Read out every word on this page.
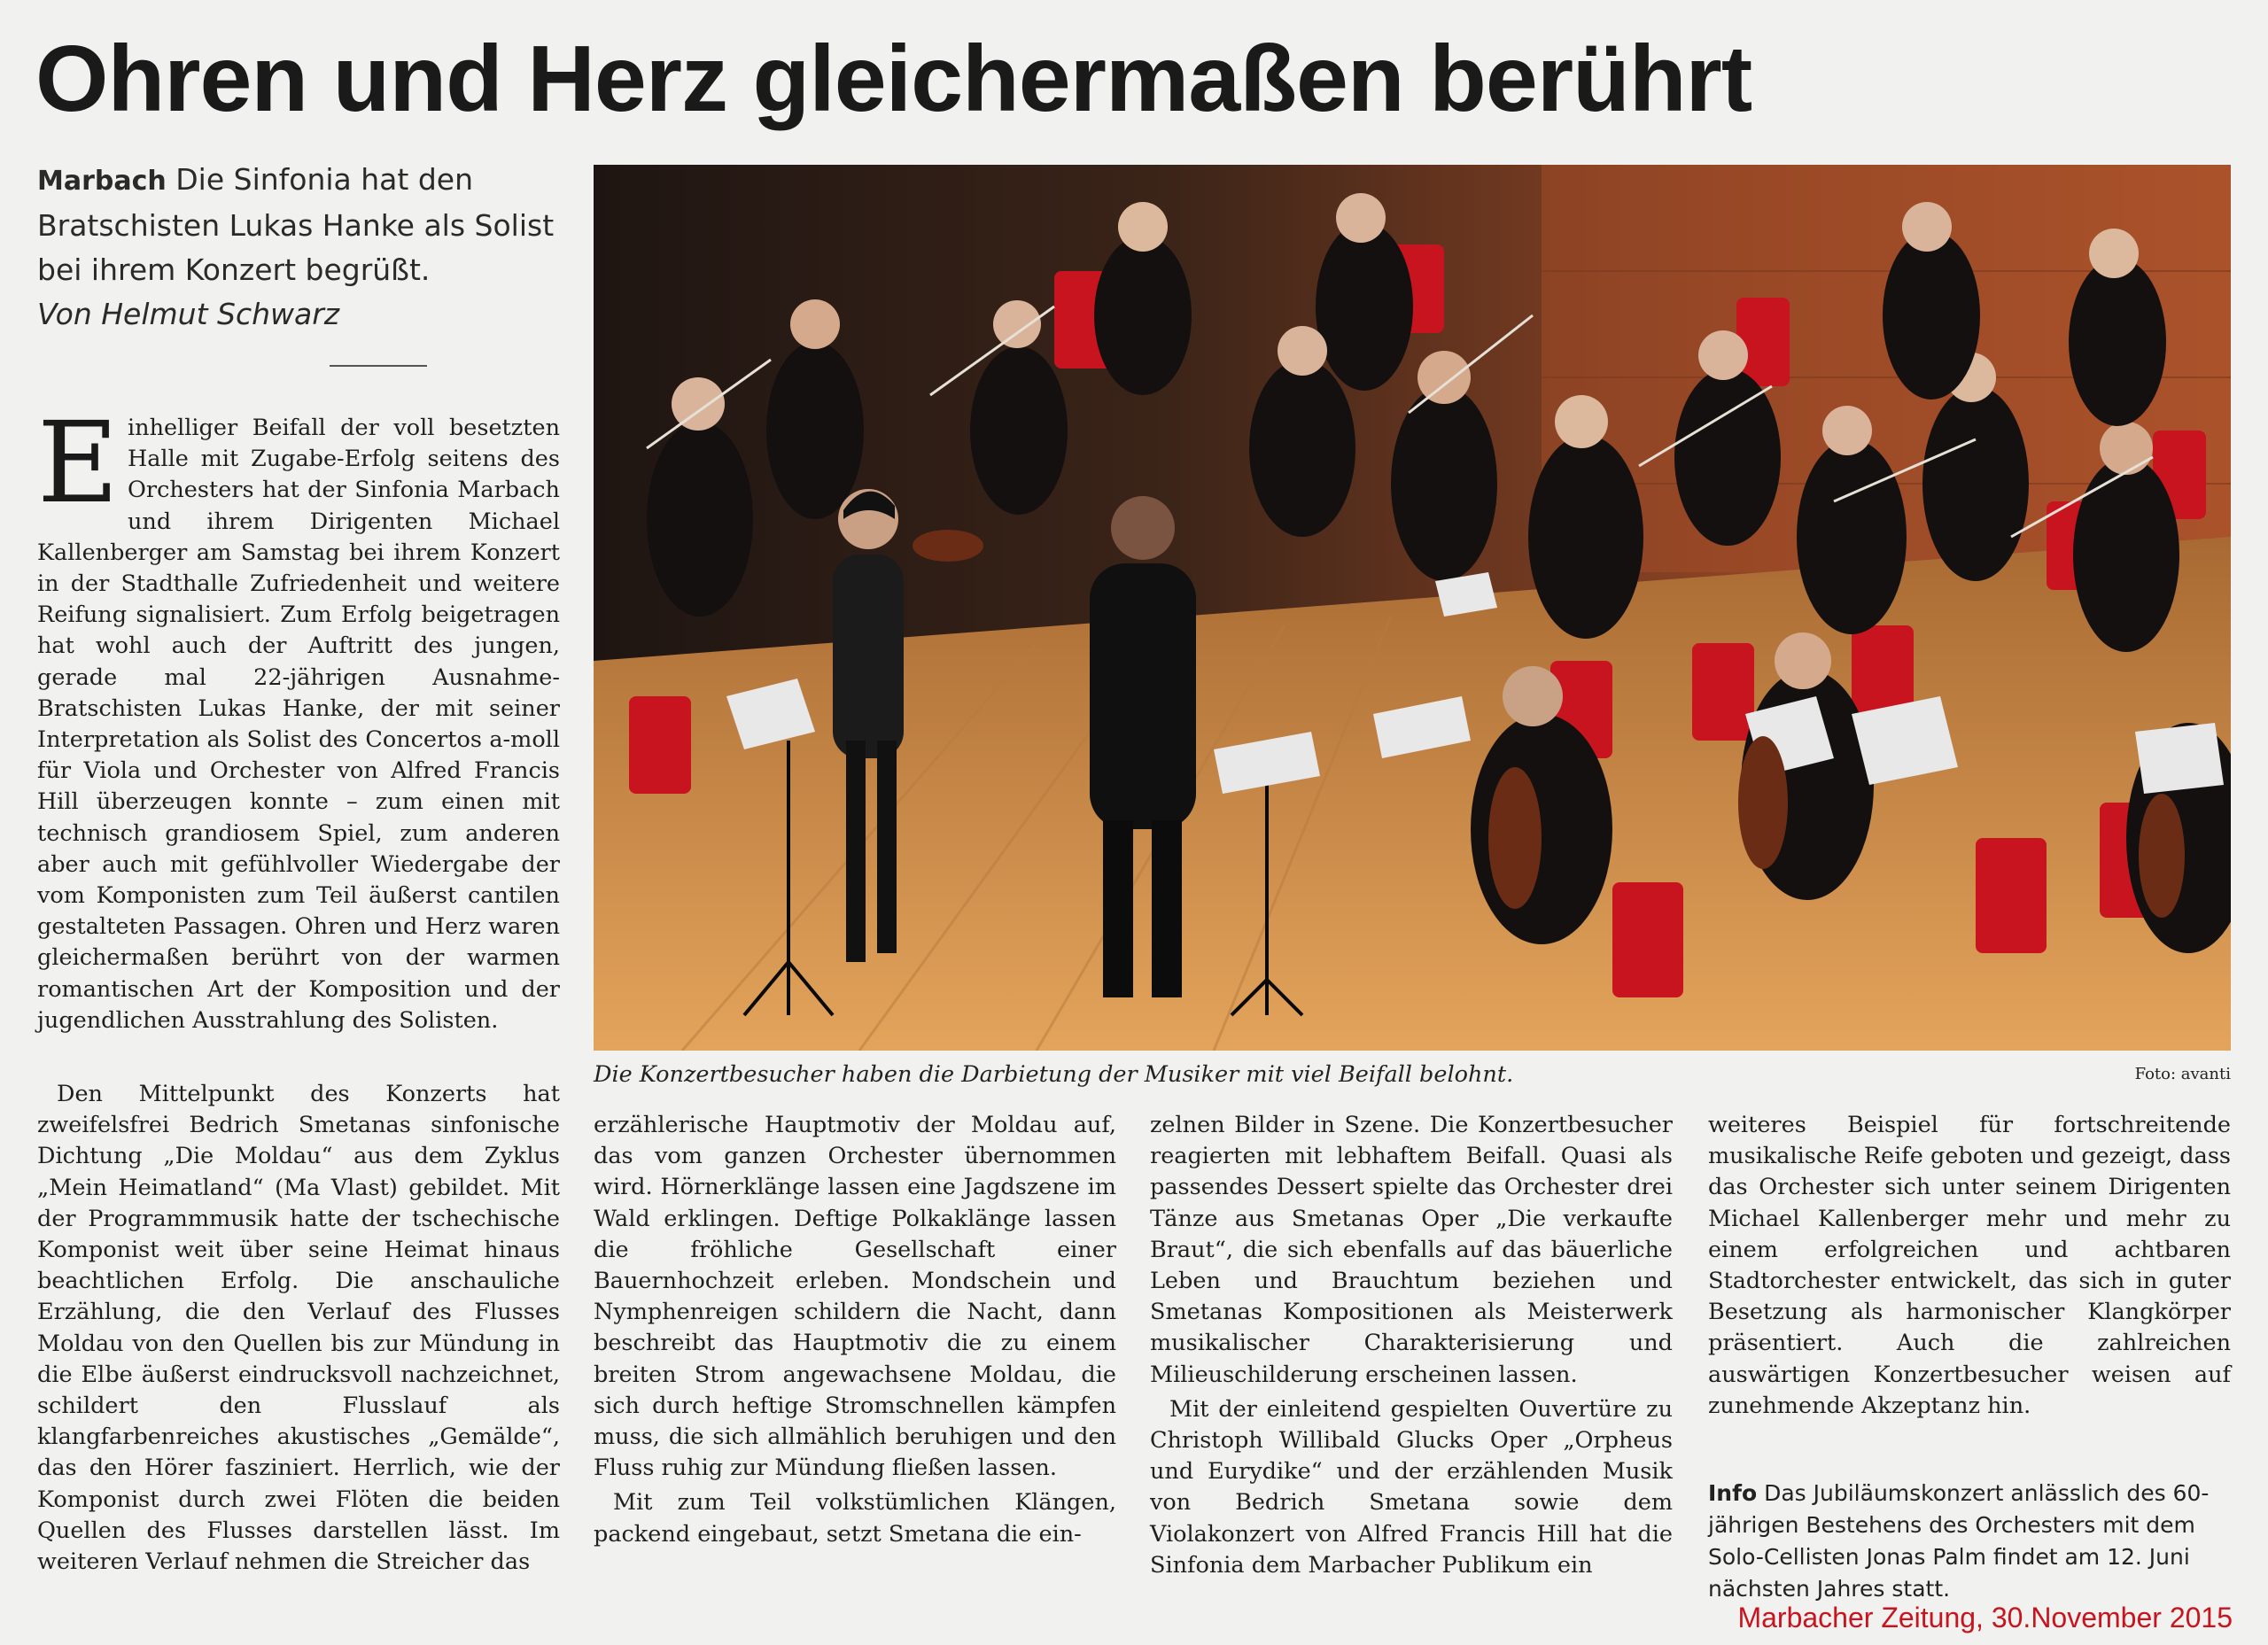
Ohren und Herz gleichermaßen berührt
Marbach Die Sinfonia hat den Bratschisten Lukas Hanke als Solist bei ihrem Konzert begrüßt.
Von Helmut Schwarz

Einhelliger Beifall der voll besetzten Halle mit Zugabe-Erfolg seitens des Orchesters hat der Sinfonia Marbach und ihrem Dirigenten Michael Kallenberger am Samstag bei ihrem Konzert in der Stadthalle Zufriedenheit und weitere Reifung signalisiert. Zum Erfolg beigetragen hat wohl auch der Auftritt des jungen, gerade mal 22-jährigen Ausnahme-Bratschisten Lukas Hanke, der mit seiner Interpretation als Solist des Concertos a-moll für Viola und Orchester von Alfred Francis Hill überzeugen konnte – zum einen mit technisch grandiosem Spiel, zum anderen aber auch mit gefühlvoller Wiedergabe der vom Komponisten zum Teil äußerst cantilen gestalteten Passagen. Ohren und Herz waren gleichermaßen berührt von der warmen romantischen Art der Komposition und der jugendlichen Ausstrahlung des Solisten.

Den Mittelpunkt des Konzerts hat zweifelsfrei Bedrich Smetanas sinfonische Dichtung „Die Moldau“ aus dem Zyklus „Mein Heimatland“ (Ma Vlast) gebildet. Mit der Programmmusik hatte der tschechische Komponist weit über seine Heimat hinaus beachtlichen Erfolg. Die anschauliche Erzählung, die den Verlauf des Flusses Moldau von den Quellen bis zur Mündung in die Elbe äußerst eindrucksvoll nachzeichnet, schildert den Flusslauf als klangfarbenreiches akustisches „Gemälde“, das den Hörer fasziniert. Herrlich, wie der Komponist durch zwei Flöten die beiden Quellen des Flusses darstellen lässt. Im weiteren Verlauf nehmen die Streicher das

erzählerische Hauptmotiv der Moldau auf, das vom ganzen Orchester übernommen wird. Hörnerklänge lassen eine Jagdszene im Wald erklingen. Deftige Polkaklänge lassen die fröhliche Gesellschaft einer Bauernhochzeit erleben. Mondschein und Nymphenreigen schildern die Nacht, dann beschreibt das Hauptmotiv die zu einem breiten Strom angewachsene Moldau, die sich durch heftige Stromschnellen kämpfen muss, die sich allmählich beruhigen und den Fluss ruhig zur Mündung fließen lassen.

Mit zum Teil volkstümlichen Klängen, packend eingebaut, setzt Smetana die ein-

zelnen Bilder in Szene. Die Konzertbesucher reagierten mit lebhaftem Beifall. Quasi als passendes Dessert spielte das Orchester drei Tänze aus Smetanas Oper „Die verkaufte Braut“, die sich ebenfalls auf das bäuerliche Leben und Brauchtum beziehen und Smetanas Kompositionen als Meisterwerk musikalischer Charakterisierung und Milieuschilderung erscheinen lassen.

Mit der einleitend gespielten Ouvertüre zu Christoph Willibald Glucks Oper „Orpheus und Eurydike“ und der erzählenden Musik von Bedrich Smetana sowie dem Violakonzert von Alfred Francis Hill hat die Sinfonia dem Marbacher Publikum ein

weiteres Beispiel für fortschreitende musikalische Reife geboten und gezeigt, dass das Orchester sich unter seinem Dirigenten Michael Kallenberger mehr und mehr zu einem erfolgreichen und achtbaren Stadtorchester entwickelt, das sich in guter Besetzung als harmonischer Klangkörper präsentiert. Auch die zahlreichen auswärtigen Konzertbesucher weisen auf zunehmende Akzeptanz hin.

Info Das Jubiläumskonzert anlässlich des 60-jährigen Bestehens des Orchesters mit dem Solo-Cellisten Jonas Palm findet am 12. Juni nächsten Jahres statt.
Die Konzertbesucher haben die Darbietung der Musiker mit viel Beifall belohnt.	Foto: avanti
Marbacher Zeitung, 30.November 2015
